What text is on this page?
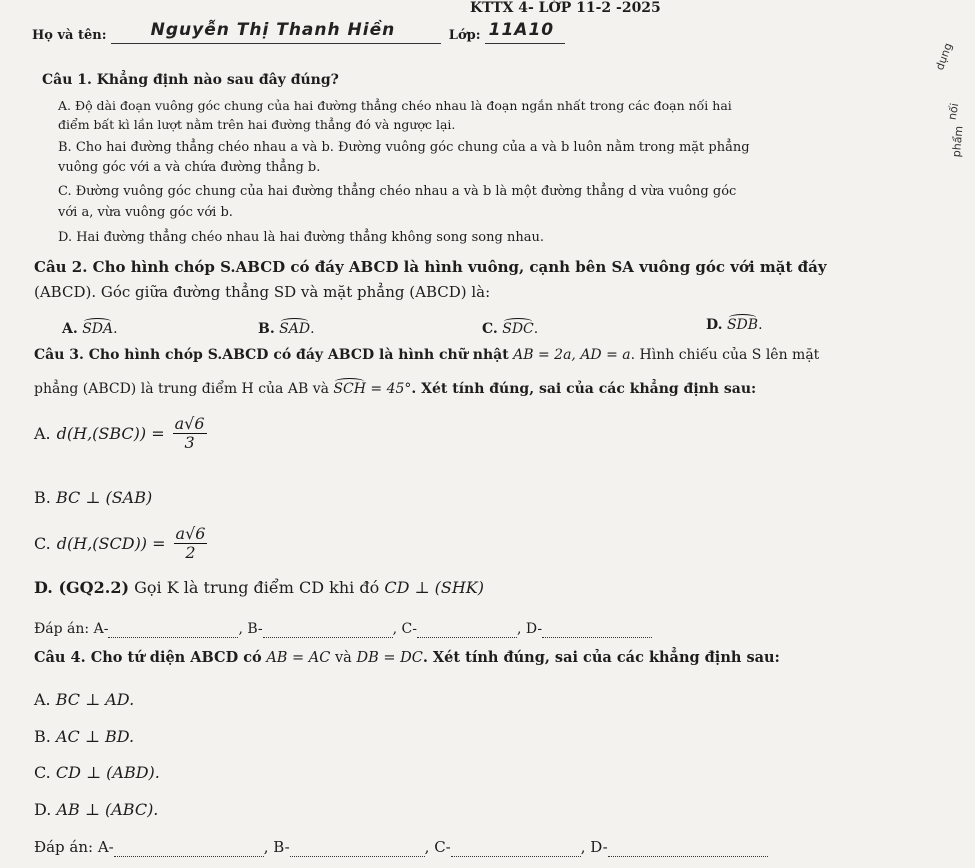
KTTX 4- LỚP 11-2 -2025
Họ và tên:	Nguyễn Thị Thanh Hiền	Lớp: 11A10

dụng
nối
phẩm
Câu 1. Khẳng định nào sau đây đúng?
A. Độ dài đoạn vuông góc chung của hai đường thẳng chéo nhau là đoạn ngắn nhất trong các đoạn nối hai
điểm bất kì lần lượt nằm trên hai đường thẳng đó và ngược lại.
B. Cho hai đường thẳng chéo nhau a và b. Đường vuông góc chung của a và b luôn nằm trong mặt phẳng
vuông góc với a và chứa đường thẳng b.
C. Đường vuông góc chung của hai đường thẳng chéo nhau a và b là một đường thẳng d vừa vuông góc
với a, vừa vuông góc với b.
D. Hai đường thẳng chéo nhau là hai đường thẳng không song song nhau.
Câu 2. Cho hình chóp S.ABCD có đáy ABCD là hình vuông, cạnh bên SA vuông góc với mặt đáy
(ABCD). Góc giữa đường thẳng SD và mặt phẳng (ABCD) là:
A. SDA.	B. SAD.	C. SDC.	D. SDB.
Câu 3. Cho hình chóp S.ABCD có đáy ABCD là hình chữ nhật AB = 2a, AD = a. Hình chiếu của S lên mặt
phẳng (ABCD) là trung điểm H của AB và SCH = 45°. Xét tính đúng, sai của các khẳng định sau:
A. $d(H,(SBC)) = \frac{a√6}{3}$
B. BC ⊥ (SAB)
C. $d(H,(SCD)) = \frac{a√6}{2}$
D. (GQ2.2) Gọi K là trung điểm CD khi đó CD ⊥ (SHK)
Đáp án: A-	, B-	, C-	, D-
Câu 4. Cho tứ diện ABCD có AB = AC và DB = DC. Xét tính đúng, sai của các khẳng định sau:
A. BC ⊥ AD.
B. AC ⊥ BD.
C. CD ⊥ (ABD).
D. AB ⊥ (ABC).
Đáp án: A-	, B-	, C-	, D-
